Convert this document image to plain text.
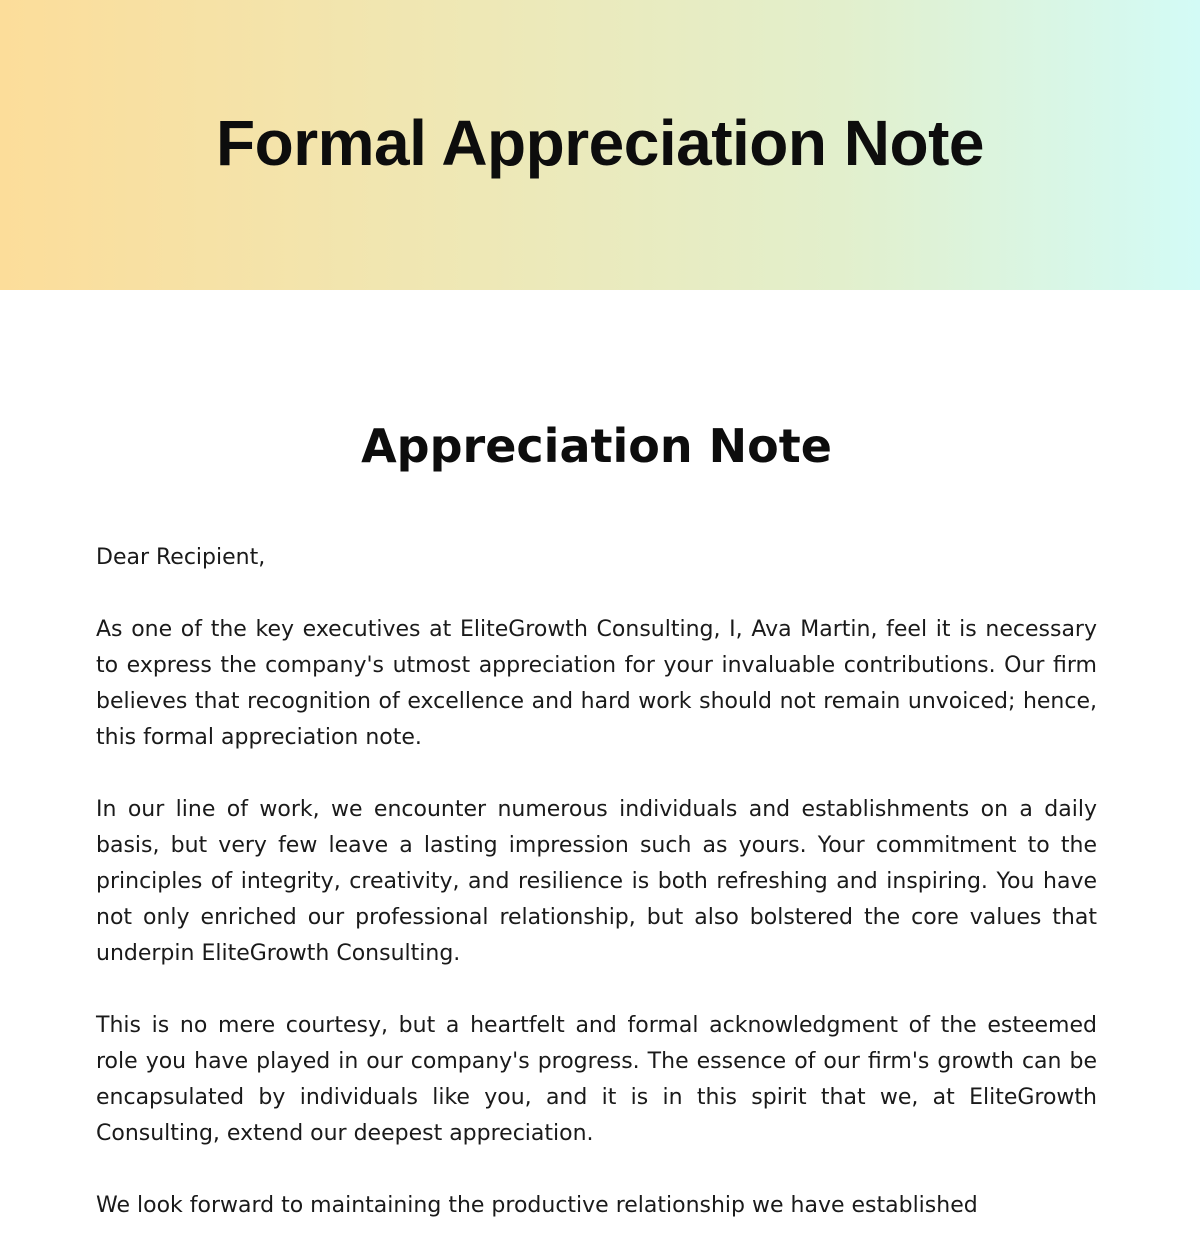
Formal Appreciation Note
Appreciation Note

Dear Recipient,

As one of the key executives at EliteGrowth Consulting, I, Ava Martin, feel it is necessary to express the company's utmost appreciation for your invaluable contributions. Our firm believes that recognition of excellence and hard work should not remain unvoiced; hence, this formal appreciation note.

In our line of work, we encounter numerous individuals and establishments on a daily basis, but very few leave a lasting impression such as yours. Your commitment to the principles of integrity, creativity, and resilience is both refreshing and inspiring. You have not only enriched our professional relationship, but also bolstered the core values that underpin EliteGrowth Consulting.

This is no mere courtesy, but a heartfelt and formal acknowledgment of the esteemed role you have played in our company's progress. The essence of our firm's growth can be encapsulated by individuals like you, and it is in this spirit that we, at EliteGrowth Consulting, extend our deepest appreciation.

We look forward to maintaining the productive relationship we have established
